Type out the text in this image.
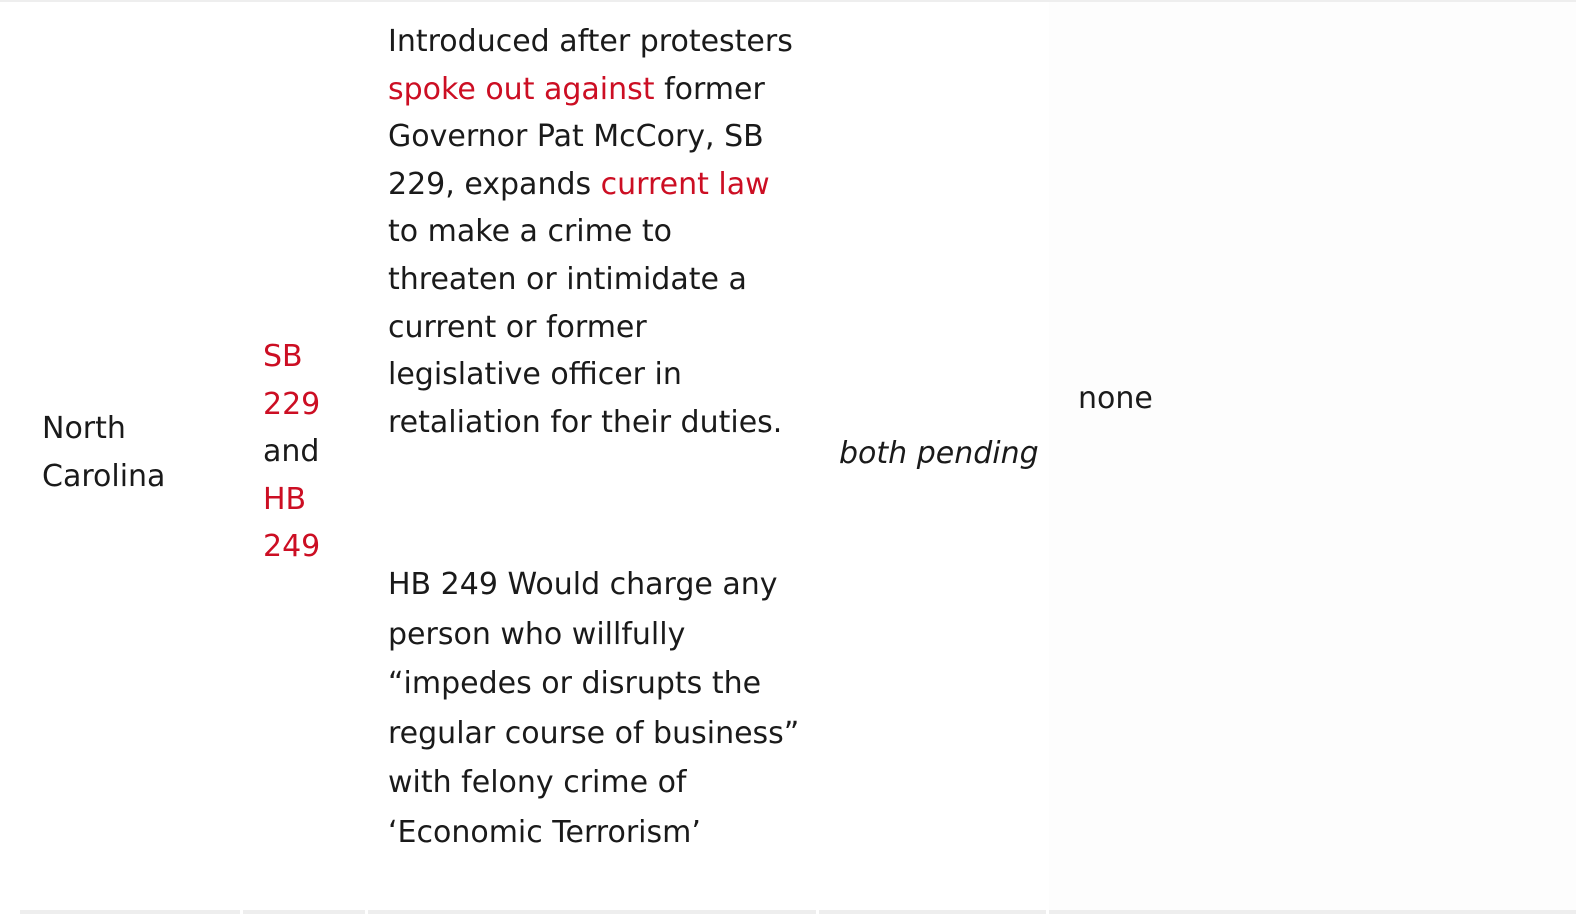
North
Carolina

SB
229
and
HB
249

Introduced after protesters
spoke out against former
Governor Pat McCory, SB
229, expands current law
to make a crime to
threaten or intimidate a
current or former
legislative officer in
retaliation for their duties.

HB 249 Would charge any
person who willfully
“impedes or disrupts the
regular course of business”
with felony crime of
‘Economic Terrorism’

both pending

none
